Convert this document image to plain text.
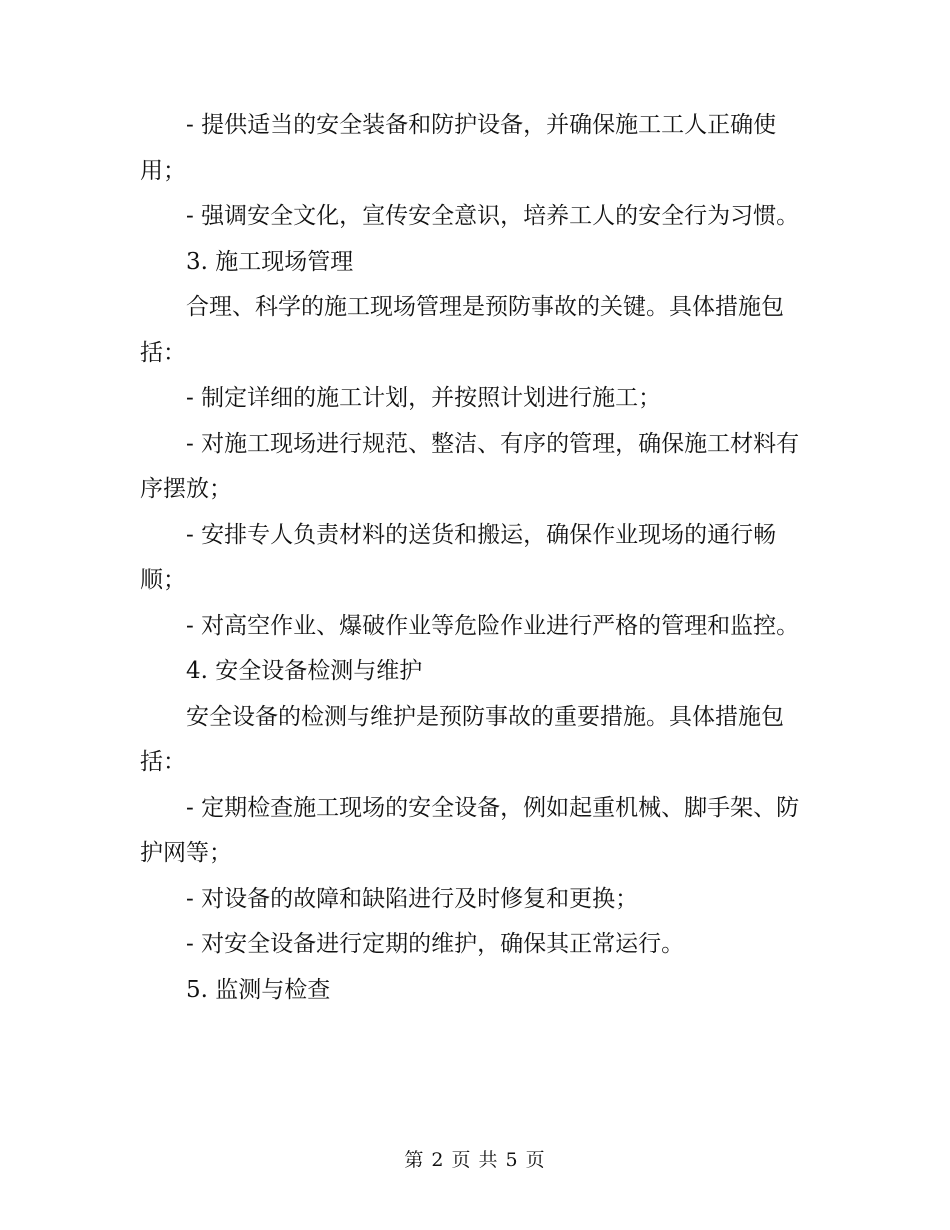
- 提供适当的安全装备和防护设备，并确保施工工人正确使用；

- 强调安全文化，宣传安全意识，培养工人的安全行为习惯。

3. 施工现场管理

合理、科学的施工现场管理是预防事故的关键。具体措施包括：

- 制定详细的施工计划，并按照计划进行施工；

- 对施工现场进行规范、整洁、有序的管理，确保施工材料有序摆放；

- 安排专人负责材料的送货和搬运，确保作业现场的通行畅顺；

- 对高空作业、爆破作业等危险作业进行严格的管理和监控。

4. 安全设备检测与维护

安全设备的检测与维护是预防事故的重要措施。具体措施包括：

- 定期检查施工现场的安全设备，例如起重机械、脚手架、防护网等；

- 对设备的故障和缺陷进行及时修复和更换；

- 对安全设备进行定期的维护，确保其正常运行。

5. 监测与检查

第 2 页 共 5 页
